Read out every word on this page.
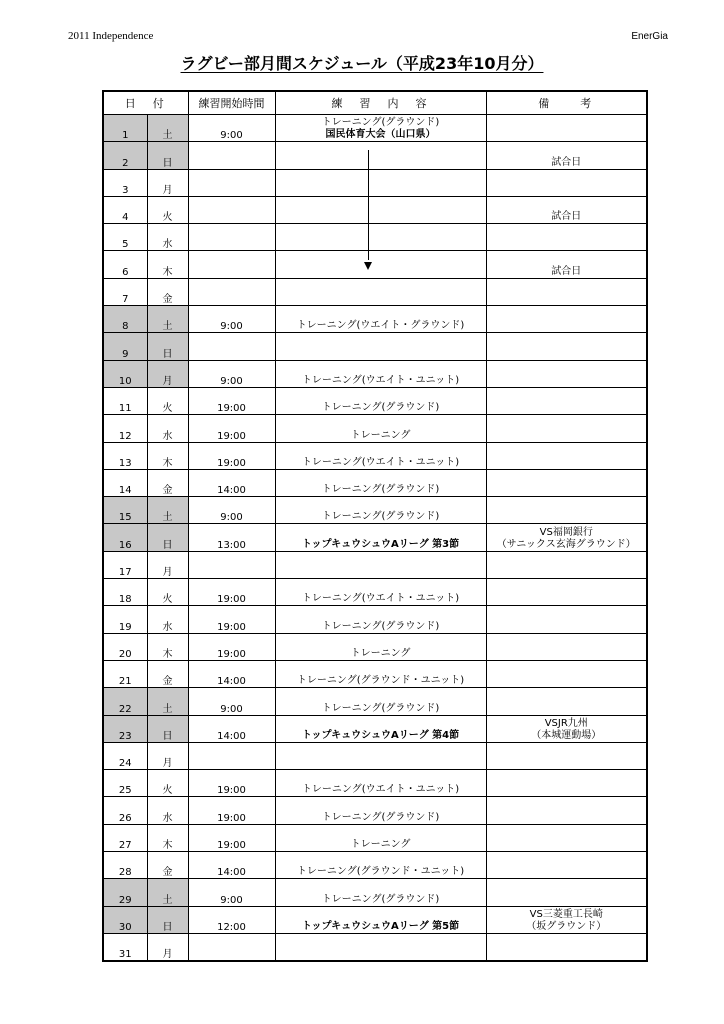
2011 Independence	EnerGia
ラグビー部月間スケジュール（平成23年10月分）
日　付		練習開始時間	練　習　内　容	備　　考
1	土	9:00	トレーニング(グラウンド)
国民体育大会（山口県）	

2	日			試合日
3	月			
4	火			試合日
5	水			
6	木			試合日
7	金			
8	土	9:00	トレーニング(ウエイト・グラウンド)	
9	日			
10	月	9:00	トレーニング(ウエイト・ユニット)	
11	火	19:00	トレーニング(グラウンド)	
12	水	19:00	トレーニング	
13	木	19:00	トレーニング(ウエイト・ユニット)	
14	金	14:00	トレーニング(グラウンド)	
15	土	9:00	トレーニング(グラウンド)	
16	日	13:00	トップキュウシュウAリーグ 第3節	VS福岡銀行
（サニックス玄海グラウンド）

17	月			
18	火	19:00	トレーニング(ウエイト・ユニット)	
19	水	19:00	トレーニング(グラウンド)	
20	木	19:00	トレーニング	
21	金	14:00	トレーニング(グラウンド・ユニット)	
22	土	9:00	トレーニング(グラウンド)	
23	日	14:00	トップキュウシュウAリーグ 第4節	VSJR九州
（本城運動場）

24	月			
25	火	19:00	トレーニング(ウエイト・ユニット)	
26	水	19:00	トレーニング(グラウンド)	
27	木	19:00	トレーニング	
28	金	14:00	トレーニング(グラウンド・ユニット)	
29	土	9:00	トレーニング(グラウンド)	
30	日	12:00	トップキュウシュウAリーグ 第5節	VS三菱重工長崎
（坂グラウンド）

31	月			
